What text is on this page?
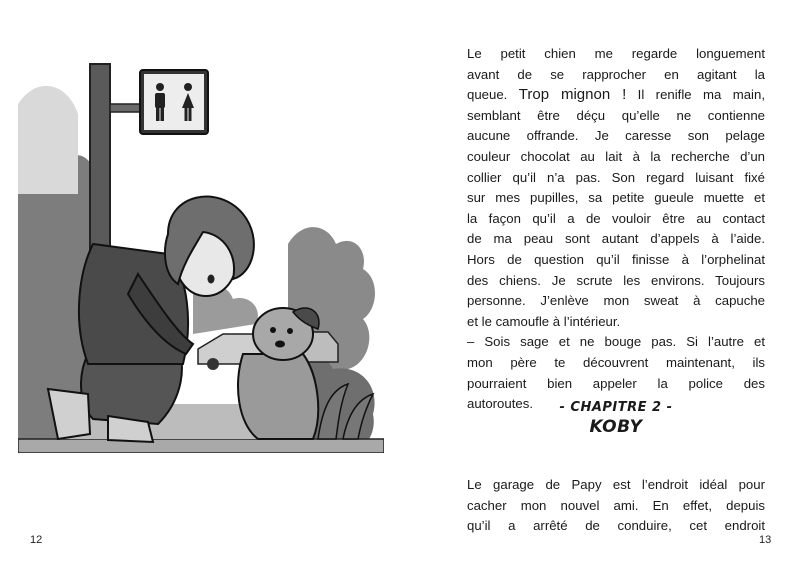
12

Le petit chien me regarde longuement
avant de se rapprocher en agitant la
queue. Trop mignon ! Il renifle ma main,
semblant être déçu qu’elle ne contienne
aucune offrande. Je caresse son pelage
couleur chocolat au lait à la recherche d’un
collier qu’il n’a pas. Son regard luisant fixé
sur mes pupilles, sa petite gueule muette et
la façon qu’il a de vouloir être au contact
de ma peau sont autant d’appels à l’aide.
Hors de question qu’il finisse à l’orphelinat
des chiens. Je scrute les environs. Toujours
personne. J’enlève mon sweat à capuche
et le camoufle à l’intérieur.

– Sois sage et ne bouge pas. Si l’autre et
mon père te découvrent maintenant, ils
pourraient bien appeler la police des
autoroutes.	- CHAPITRE 2 -
KOBY

Le garage de Papy est l’endroit idéal pour
cacher mon nouvel ami. En effet, depuis
qu’il a arrêté de conduire, cet endroit

13
